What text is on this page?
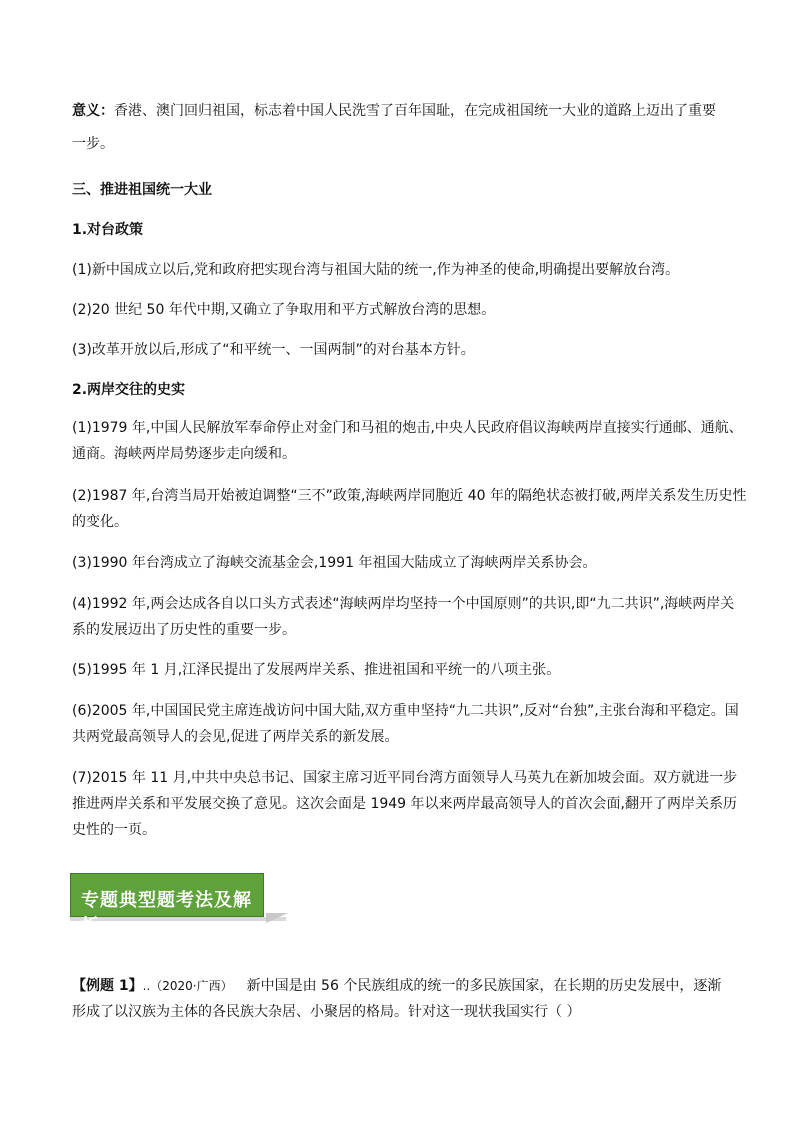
意义：香港、澳门回归祖国，标志着中国人民洗雪了百年国耻，在完成祖国统一大业的道路上迈出了重要
一步。
三、推进祖国统一大业
1.对台政策
(1)新中国成立以后,党和政府把实现台湾与祖国大陆的统一,作为神圣的使命,明确提出要解放台湾。
(2)20 世纪 50 年代中期,又确立了争取用和平方式解放台湾的思想。
(3)改革开放以后,形成了“和平统一、一国两制”的对台基本方针。
2.两岸交往的史实
(1)1979 年,中国人民解放军奉命停止对金门和马祖的炮击,中央人民政府倡议海峡两岸直接实行通邮、通航、
通商。海峡两岸局势逐步走向缓和。
(2)1987 年,台湾当局开始被迫调整“三不”政策,海峡两岸同胞近 40 年的隔绝状态被打破,两岸关系发生历史性
的变化。
(3)1990 年台湾成立了海峡交流基金会,1991 年祖国大陆成立了海峡两岸关系协会。
(4)1992 年,两会达成各自以口头方式表述“海峡两岸均坚持一个中国原则”的共识,即“九二共识”,海峡两岸关
系的发展迈出了历史性的重要一步。
(5)1995 年 1 月,江泽民提出了发展两岸关系、推进祖国和平统一的八项主张。
(6)2005 年,中国国民党主席连战访问中国大陆,双方重申坚持“九二共识”,反对“台独”,主张台海和平稳定。国
共两党最高领导人的会见,促进了两岸关系的新发展。
(7)2015 年 11 月,中共中央总书记、国家主席习近平同台湾方面领导人马英九在新加坡会面。双方就进一步
推进两岸关系和平发展交换了意见。这次会面是 1949 年以来两岸最高领导人的首次会面,翻开了两岸关系历
史性的一页。
专题典型题考法及解析
【例题 1】..（2020·广西） 新中国是由 56 个民族组成的统一的多民族国家，在长期的历史发展中，逐渐
形成了以汉族为主体的各民族大杂居、小聚居的格局。针对这一现状我国实行（ ）
